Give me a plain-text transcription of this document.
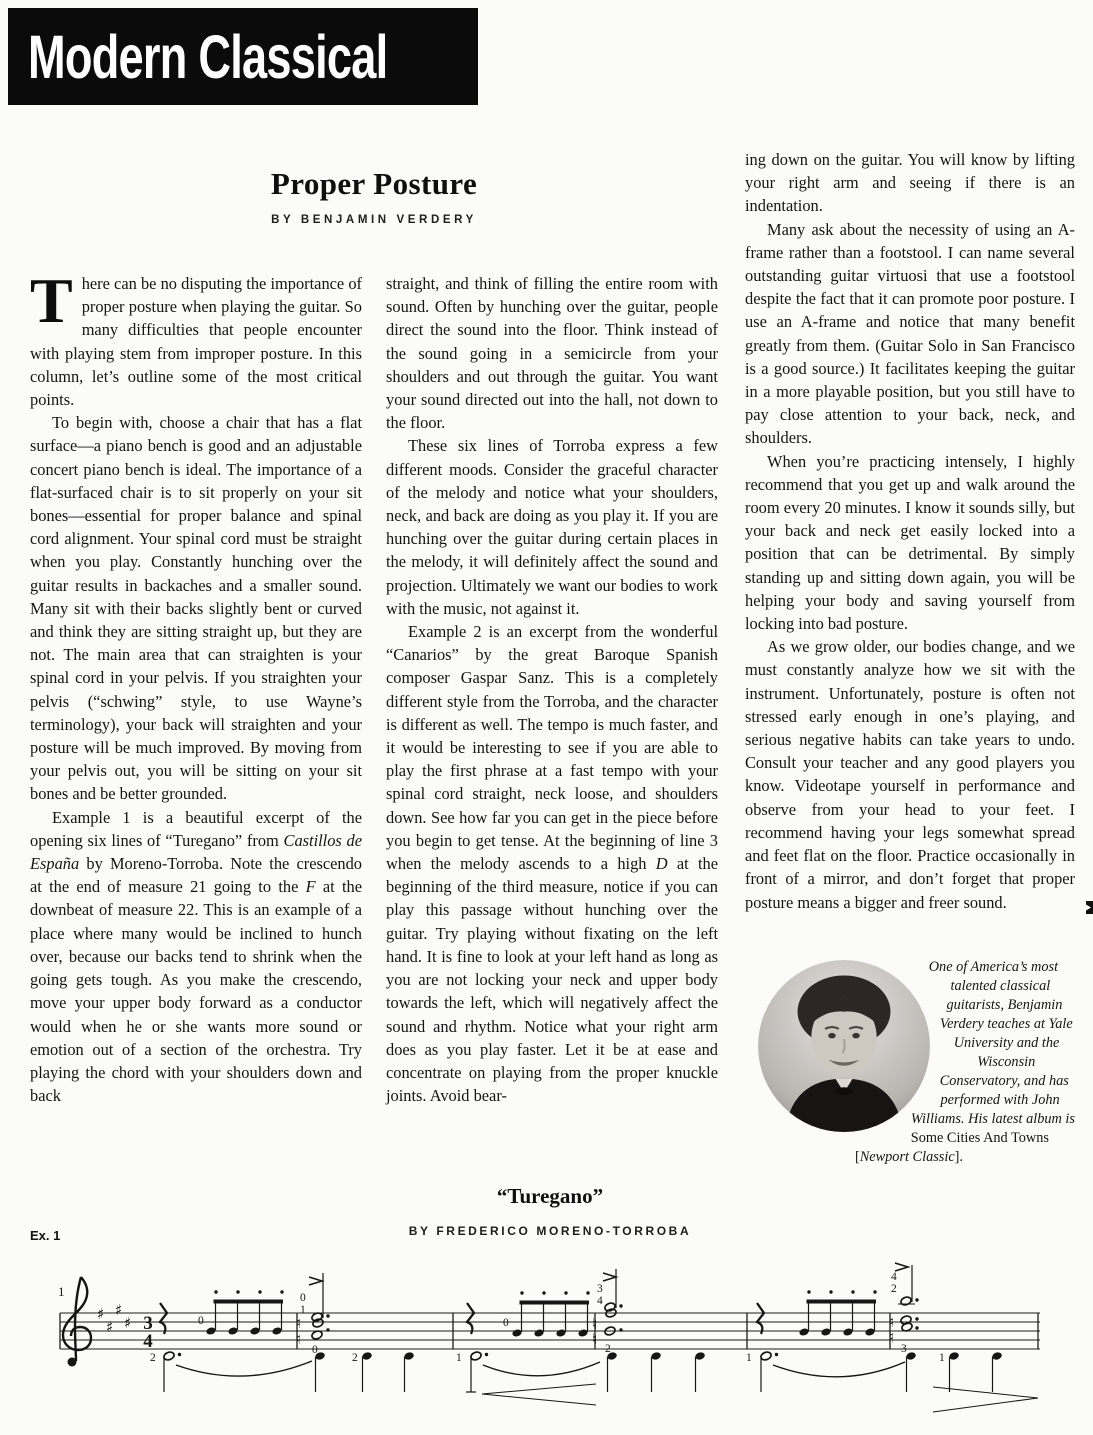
Modern Classical
Proper Posture
BY BENJAMIN VERDERY

There can be no disputing the importance of proper posture when playing the guitar. So many difficulties that people encounter with playing stem from improper posture. In this column, let’s outline some of the most critical points.

To begin with, choose a chair that has a flat surface—a piano bench is good and an adjustable concert piano bench is ideal. The importance of a flat-surfaced chair is to sit properly on your sit bones—essential for proper balance and spinal cord alignment. Your spinal cord must be straight when you play. Constantly hunching over the guitar results in backaches and a smaller sound. Many sit with their backs slightly bent or curved and think they are sitting straight up, but they are not. The main area that can straighten is your spinal cord in your pelvis. If you straighten your pelvis (“schwing” style, to use Wayne’s terminology), your back will straighten and your posture will be much improved. By moving from your pelvis out, you will be sitting on your sit bones and be better grounded.

Example 1 is a beautiful excerpt of the opening six lines of “Turegano” from Castillos de España by Moreno-Torroba. Note the crescendo at the end of measure 21 going to the F at the downbeat of measure 22. This is an example of a place where many would be inclined to hunch over, because our backs tend to shrink when the going gets tough. As you make the crescendo, move your upper body forward as a conductor would when he or she wants more sound or emotion out of a section of the orchestra. Try playing the chord with your shoulders down and back

straight, and think of filling the entire room with sound. Often by hunching over the guitar, people direct the sound into the floor. Think instead of the sound going in a semicircle from your shoulders and out through the guitar. You want your sound directed out into the hall, not down to the floor.

These six lines of Torroba express a few different moods. Consider the graceful character of the melody and notice what your shoulders, neck, and back are doing as you play it. If you are hunching over the guitar during certain places in the melody, it will definitely affect the sound and projection. Ultimately we want our bodies to work with the music, not against it.

Example 2 is an excerpt from the wonderful “Canarios” by the great Baroque Spanish composer Gaspar Sanz. This is a completely different style from the Torroba, and the character is different as well. The tempo is much faster, and it would be interesting to see if you are able to play the first phrase at a fast tempo with your spinal cord straight, neck loose, and shoulders down. See how far you can get in the piece before you begin to get tense. At the beginning of line 3 when the melody ascends to a high D at the beginning of the third measure, notice if you can play this passage without hunching over the guitar. Try playing without fixating on the left hand. It is fine to look at your left hand as long as you are not locking your neck and upper body towards the left, which will negatively affect the sound and rhythm. Notice what your right arm does as you play faster. Let it be at ease and concentrate on playing from the proper knuckle joints. Avoid bear-

ing down on the guitar. You will know by lifting your right arm and seeing if there is an indentation.

Many ask about the necessity of using an A-frame rather than a footstool. I can name several outstanding guitar virtuosi that use a footstool despite the fact that it can promote poor posture. I use an A-frame and notice that many benefit greatly from them. (Guitar Solo in San Francisco is a good source.) It facilitates keeping the guitar in a more playable position, but you still have to pay close attention to your back, neck, and shoulders.

When you’re practicing intensely, I highly recommend that you get up and walk around the room every 20 minutes. I know it sounds silly, but your back and neck get easily locked into a position that can be detrimental. By simply standing up and sitting down again, you will be helping your body and saving yourself from locking into bad posture.

As we grow older, our bodies change, and we must constantly analyze how we sit with the instrument. Unfortunately, posture is often not stressed early enough in one’s playing, and serious negative habits can take years to undo. Consult your teacher and any good players you know. Videotape yourself in performance and observe from your head to your feet. I recommend having your legs somewhat spread and feet flat on the floor. Practice occasionally in front of a mirror, and don’t forget that proper posture means a bigger and freer sound.

One of America’s most talented classical guitarists, Benjamin Verdery teaches at Yale University and the Wisconsin Conservatory, and has performed with John Williams. His latest album is Some Cities And Towns [Newport Classic].

Ex. 1
“Turegano”
BY FREDERICO MORENO-TORROBA
1
♯
♯
♯
♯ 3
4
0
2
0
1
♮
♮
0
2	1
0
3
4
♮
♮
2
1
4
2
♮
♮
3
1
